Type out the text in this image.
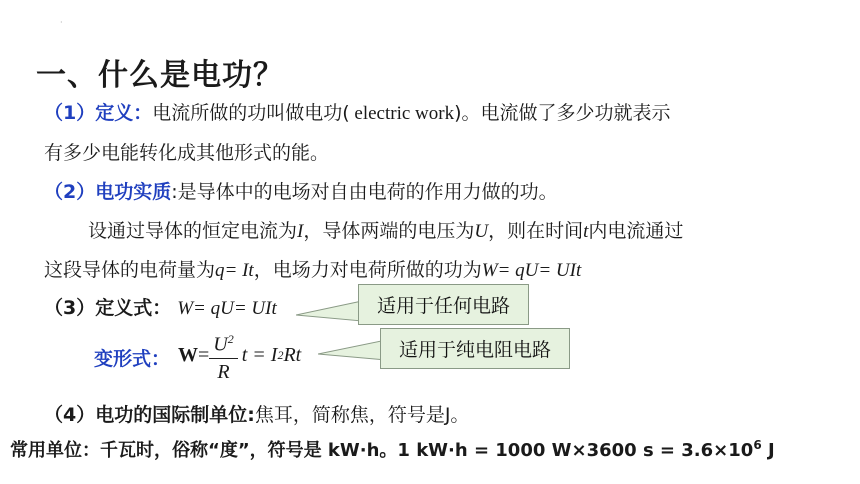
·
一、什么是电功？
（1）定义：电流所做的功叫做电功( electric work)。电流做了多少功就表示
有多少电能转化成其他形式的能。
（2）电功实质:是导体中的电场对自由电荷的作用力做的功。
设通过导体的恒定电流为I，导体两端的电压为U，则在时间t内电流通过
这段导体的电荷量为q= It，电场力对电荷所做的功为W= qU= UIt
（3）定义式： W= qU= UIt	适用于任何电路
变形式： $W = \frac{U^2}{R}$ t = I 2 Rt	适用于纯电阻电路
（4）电功的国际制单位:焦耳，简称焦，符号是J。
常用单位：千瓦时，俗称“度”，符号是 kW·h。1 kW·h = 1000 W×3600 $s = 3.6\times 10^6$ J
